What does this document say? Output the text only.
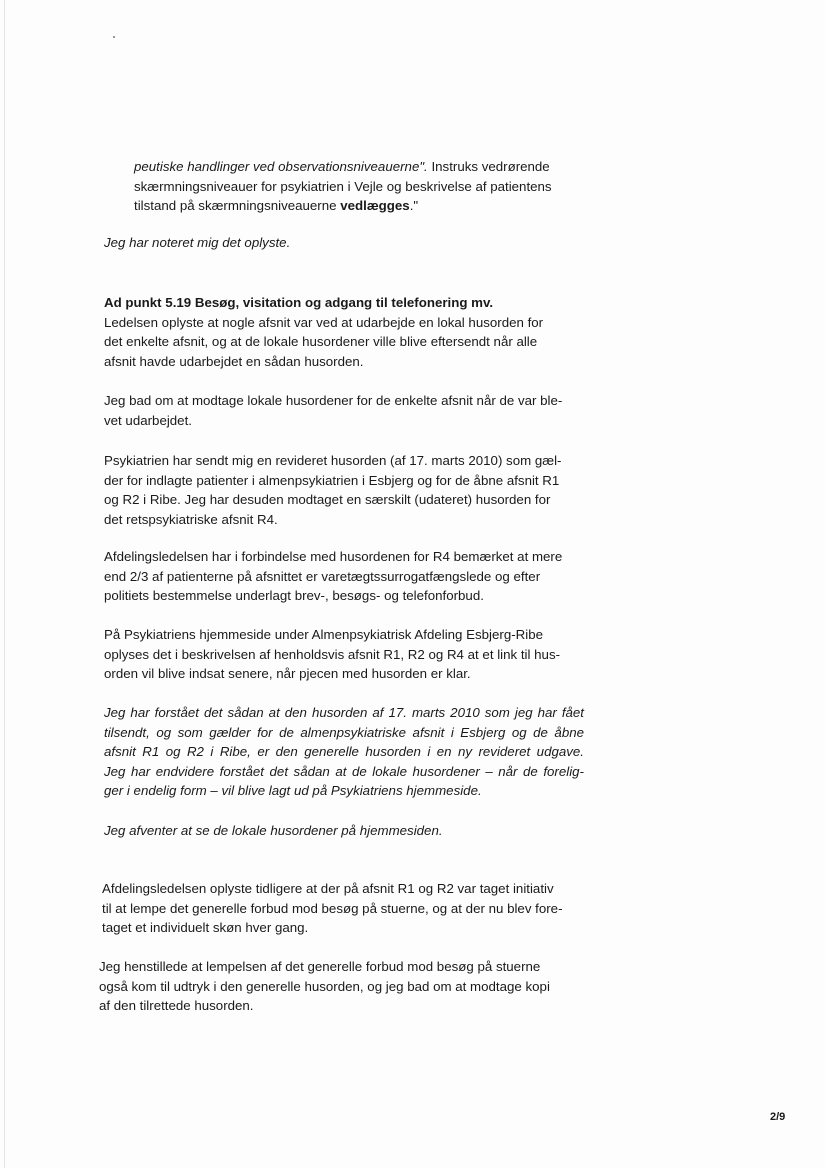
peutiske handlinger ved observationsniveauerne". Instruks vedrørende
skærmningsniveauer for psykiatrien i Vejle og beskrivelse af patientens
tilstand på skærmningsniveauerne vedlægges."
Jeg har noteret mig det oplyste.
Ad punkt 5.19 Besøg, visitation og adgang til telefonering mv.
Ledelsen oplyste at nogle afsnit var ved at udarbejde en lokal husorden for
det enkelte afsnit, og at de lokale husordener ville blive eftersendt når alle
afsnit havde udarbejdet en sådan husorden.
Jeg bad om at modtage lokale husordener for de enkelte afsnit når de var ble-
vet udarbejdet.
Psykiatrien har sendt mig en revideret husorden (af 17. marts 2010) som gæl-
der for indlagte patienter i almenpsykiatrien i Esbjerg og for de åbne afsnit R1
og R2 i Ribe. Jeg har desuden modtaget en særskilt (udateret) husorden for
det retspsykiatriske afsnit R4.
Afdelingsledelsen har i forbindelse med husordenen for R4 bemærket at mere
end 2/3 af patienterne på afsnittet er varetægtssurrogatfængslede og efter
politiets bestemmelse underlagt brev-, besøgs- og telefonforbud.
På Psykiatriens hjemmeside under Almenpsykiatrisk Afdeling Esbjerg-Ribe
oplyses det i beskrivelsen af henholdsvis afsnit R1, R2 og R4 at et link til hus-
orden vil blive indsat senere, når pjecen med husorden er klar.
Jeg har forstået det sådan at den husorden af 17. marts 2010 som jeg har fået
tilsendt, og som gælder for de almenpsykiatriske afsnit i Esbjerg og de åbne
afsnit R1 og R2 i Ribe, er den generelle husorden i en ny revideret udgave.
Jeg har endvidere forstået det sådan at de lokale husordener – når de forelig-
ger i endelig form – vil blive lagt ud på Psykiatriens hjemmeside.
Jeg afventer at se de lokale husordener på hjemmesiden.
Afdelingsledelsen oplyste tidligere at der på afsnit R1 og R2 var taget initiativ
til at lempe det generelle forbud mod besøg på stuerne, og at der nu blev fore-
taget et individuelt skøn hver gang.
Jeg henstillede at lempelsen af det generelle forbud mod besøg på stuerne
også kom til udtryk i den generelle husorden, og jeg bad om at modtage kopi
af den tilrettede husorden.
2/9
